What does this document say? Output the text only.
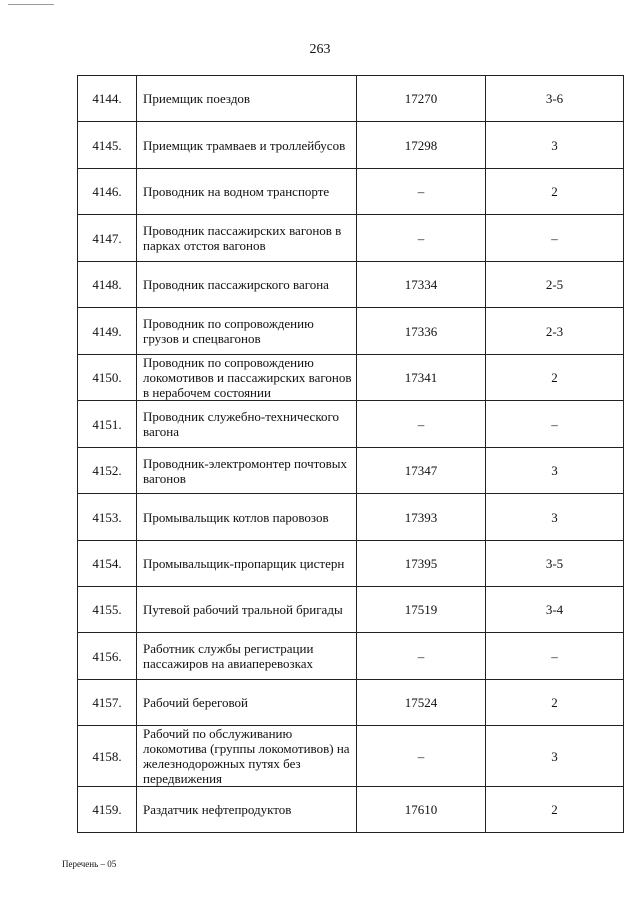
263
4144.	Приемщик поездов	17270	3-6
4145.	Приемщик трамваев и троллейбусов	17298	3
4146.	Проводник на водном транспорте	–	2
4147.	Проводник пассажирских вагонов в парках отстоя вагонов	–	–
4148.	Проводник пассажирского вагона	17334	2-5
4149.	Проводник по сопровождению грузов и спецвагонов	17336	2-3
4150.	Проводник по сопровождению локомотивов и пассажирских вагонов в нерабочем состоянии	17341	2
4151.	Проводник служебно-технического вагона	–	–
4152.	Проводник-электромонтер почтовых вагонов	17347	3
4153.	Промывальщик котлов паровозов	17393	3
4154.	Промывальщик-пропарщик цистерн	17395	3-5
4155.	Путевой рабочий тральной бригады	17519	3-4
4156.	Работник службы регистрации пассажиров на авиаперевозках	–	–
4157.	Рабочий береговой	17524	2
4158.	Рабочий по обслуживанию локомотива (группы локомотивов) на железнодорожных путях без передвижения	–	3
4159.	Раздатчик нефтепродуктов	17610	2
Перечень – 05
